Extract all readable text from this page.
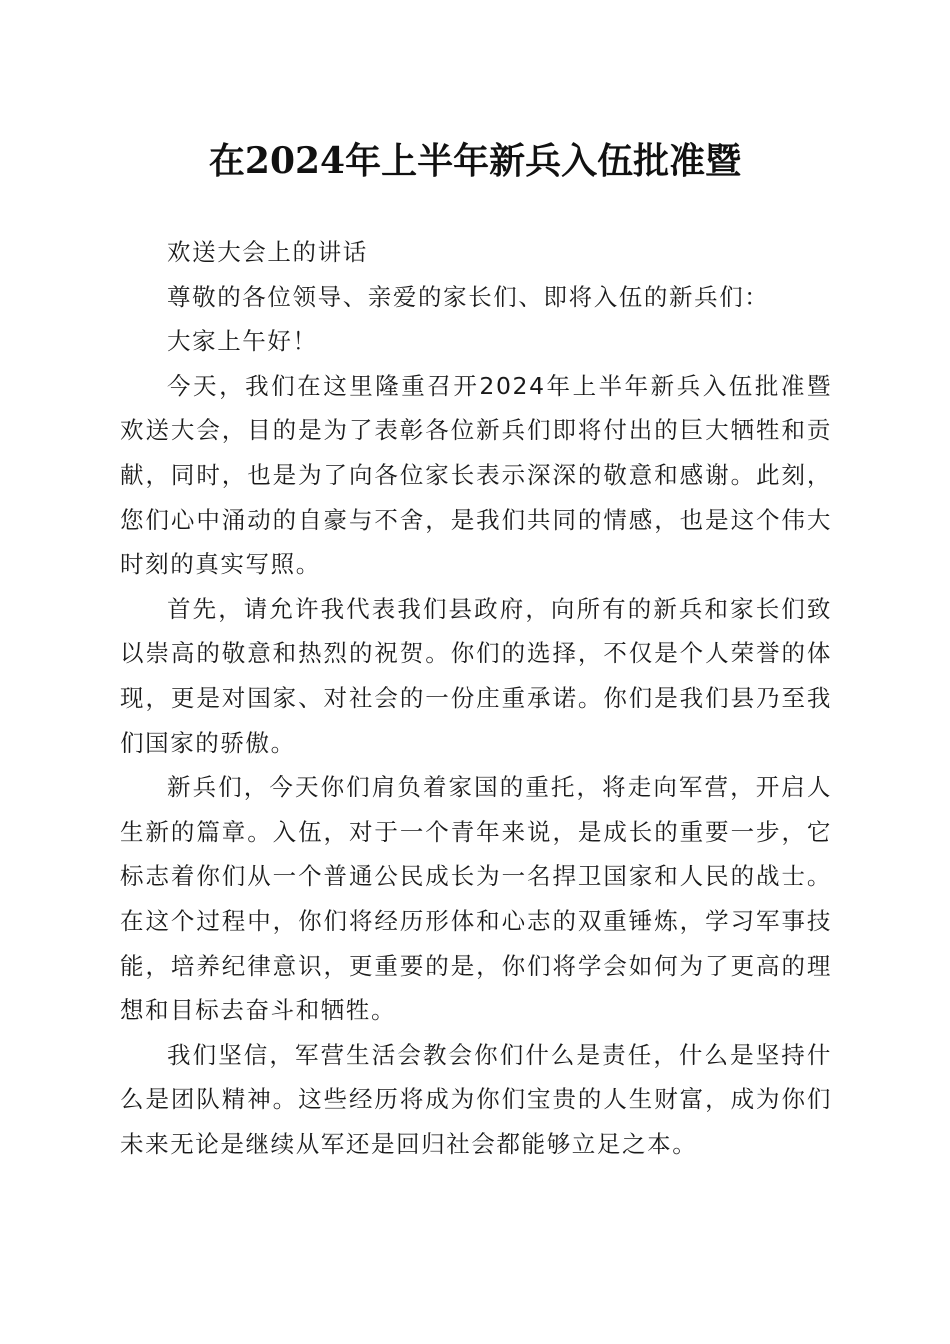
在2024年上半年新兵入伍批准暨

欢送大会上的讲话

尊敬的各位领导、亲爱的家长们、即将入伍的新兵们：

大家上午好！

今天，我们在这里隆重召开2024年上半年新兵入伍批准暨欢送大会，目的是为了表彰各位新兵们即将付出的巨大牺牲和贡献，同时，也是为了向各位家长表示深深的敬意和感谢。此刻，您们心中涌动的自豪与不舍，是我们共同的情感，也是这个伟大时刻的真实写照。

首先，请允许我代表我们县政府，向所有的新兵和家长们致以崇高的敬意和热烈的祝贺。你们的选择，不仅是个人荣誉的体现，更是对国家、对社会的一份庄重承诺。你们是我们县乃至我们国家的骄傲。

新兵们，今天你们肩负着家国的重托，将走向军营，开启人生新的篇章。入伍，对于一个青年来说，是成长的重要一步，它标志着你们从一个普通公民成长为一名捍卫国家和人民的战士。在这个过程中，你们将经历形体和心志的双重锤炼，学习军事技能，培养纪律意识，更重要的是，你们将学会如何为了更高的理想和目标去奋斗和牺牲。

我们坚信，军营生活会教会你们什么是责任，什么是坚持什么是团队精神。这些经历将成为你们宝贵的人生财富，成为你们未来无论是继续从军还是回归社会都能够立足之本。
